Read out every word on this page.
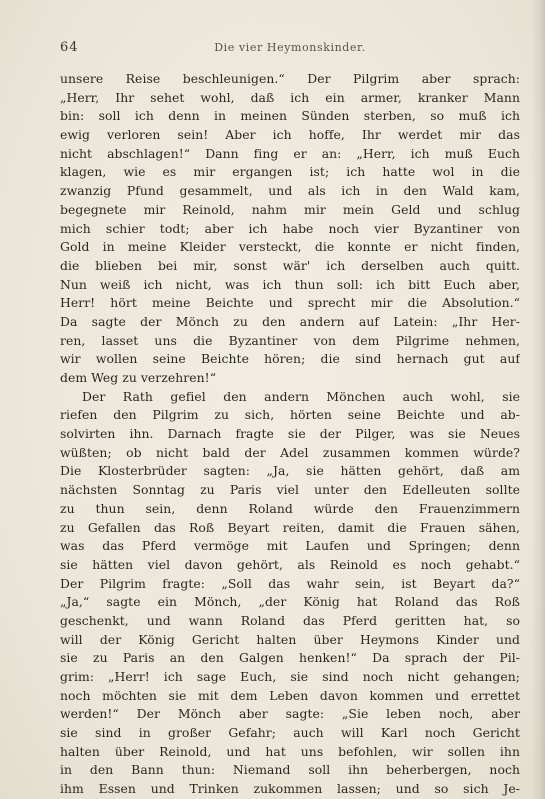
64	Die vier Heymonskinder.
unsere Reise beschleunigen.“ Der Pilgrim aber sprach:
„Herr, Ihr sehet wohl, daß ich ein armer, kranker Mann
bin: soll ich denn in meinen Sünden sterben, so muß ich
ewig verloren sein! Aber ich hoffe, Ihr werdet mir das
nicht abschlagen!“ Dann fing er an: „Herr, ich muß Euch
klagen, wie es mir ergangen ist; ich hatte wol in die
zwanzig Pfund gesammelt, und als ich in den Wald kam,
begegnete mir Reinold, nahm mir mein Geld und schlug
mich schier todt; aber ich habe noch vier Byzantiner von
Gold in meine Kleider versteckt, die konnte er nicht finden,
die blieben bei mir, sonst wär' ich derselben auch quitt.
Nun weiß ich nicht, was ich thun soll: ich bitt Euch aber,
Herr! hört meine Beichte und sprecht mir die Absolution.“
Da sagte der Mönch zu den andern auf Latein: „Ihr Her-
ren, lasset uns die Byzantiner von dem Pilgrime nehmen,
wir wollen seine Beichte hören; die sind hernach gut auf
dem Weg zu verzehren!“
Der Rath gefiel den andern Mönchen auch wohl, sie
riefen den Pilgrim zu sich, hörten seine Beichte und ab-
solvirten ihn. Darnach fragte sie der Pilger, was sie Neues
wüßten; ob nicht bald der Adel zusammen kommen würde?
Die Klosterbrüder sagten: „Ja, sie hätten gehört, daß am
nächsten Sonntag zu Paris viel unter den Edelleuten sollte
zu thun sein, denn Roland würde den Frauenzimmern
zu Gefallen das Roß Beyart reiten, damit die Frauen sähen,
was das Pferd vermöge mit Laufen und Springen; denn
sie hätten viel davon gehört, als Reinold es noch gehabt.“
Der Pilgrim fragte: „Soll das wahr sein, ist Beyart da?“
„Ja,“ sagte ein Mönch, „der König hat Roland das Roß
geschenkt, und wann Roland das Pferd geritten hat, so
will der König Gericht halten über Heymons Kinder und
sie zu Paris an den Galgen henken!“ Da sprach der Pil-
grim: „Herr! ich sage Euch, sie sind noch nicht gehangen;
noch möchten sie mit dem Leben davon kommen und errettet
werden!“ Der Mönch aber sagte: „Sie leben noch, aber
sie sind in großer Gefahr; auch will Karl noch Gericht
halten über Reinold, und hat uns befohlen, wir sollen ihn
in den Bann thun: Niemand soll ihn beherbergen, noch
ihm Essen und Trinken zukommen lassen; und so sich Je-
